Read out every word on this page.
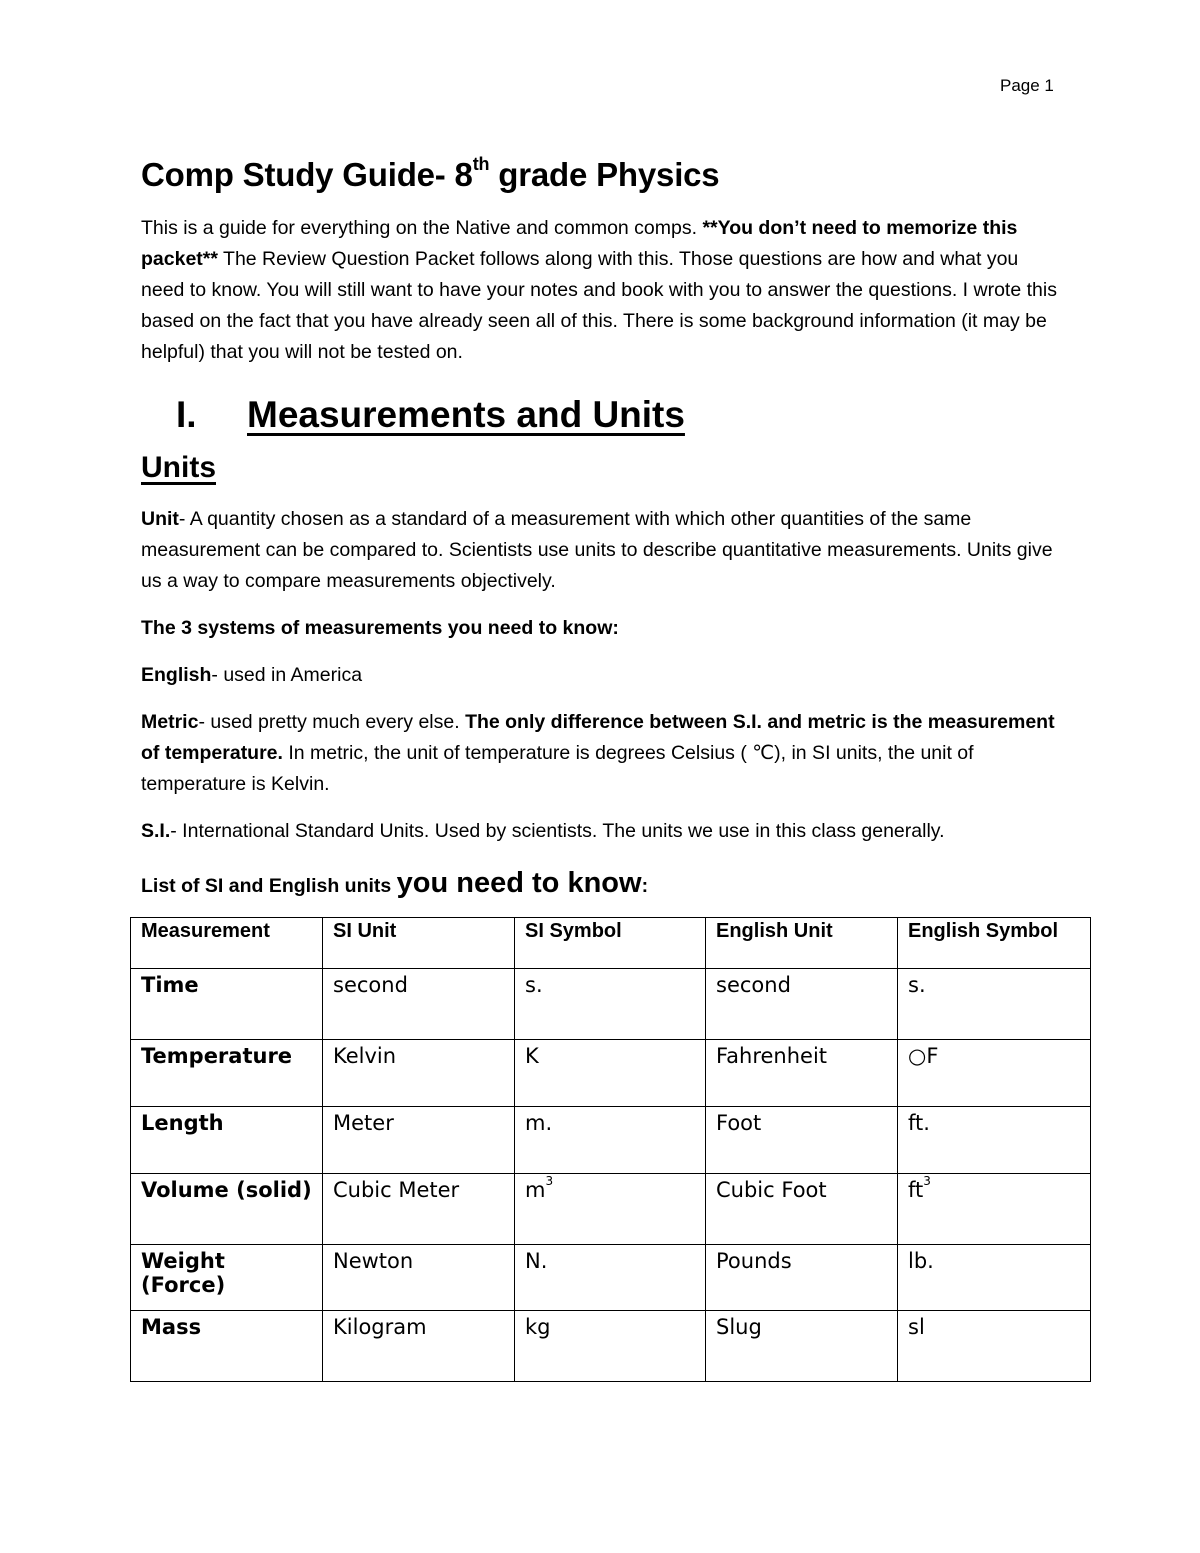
Page 1
Comp Study Guide- 8th grade Physics

This is a guide for everything on the Native and common comps. **You don’t need to memorize this packet** The Review Question Packet follows along with this. Those questions are how and what you need to know. You will still want to have your notes and book with you to answer the questions. I wrote this based on the fact that you have already seen all of this. There is some background information (it may be helpful) that you will not be tested on.

I.	Measurements and Units
Units

Unit- A quantity chosen as a standard of a measurement with which other quantities of the same measurement can be compared to. Scientists use units to describe quantitative measurements. Units give us a way to compare measurements objectively.

The 3 systems of measurements you need to know:

English- used in America

Metric- used pretty much every else. The only difference between S.I. and metric is the measurement of temperature. In metric, the unit of temperature is degrees Celsius ( ℃), in SI units, the unit of temperature is Kelvin.

S.I.- International Standard Units. Used by scientists. The units we use in this class generally.

List of SI and English units you need to know:
Measurement	SI Unit	SI Symbol	English Unit	English Symbol
Time	second	s.	second	s.
Temperature	Kelvin	K	Fahrenheit	○F
Length	Meter	m.	Foot	ft.
Volume (solid)	Cubic Meter	$m^3$	Cubic Foot	$ft^3$
Weight (Force)	Newton	N.	Pounds	lb.
Mass	Kilogram	kg	Slug	sl
